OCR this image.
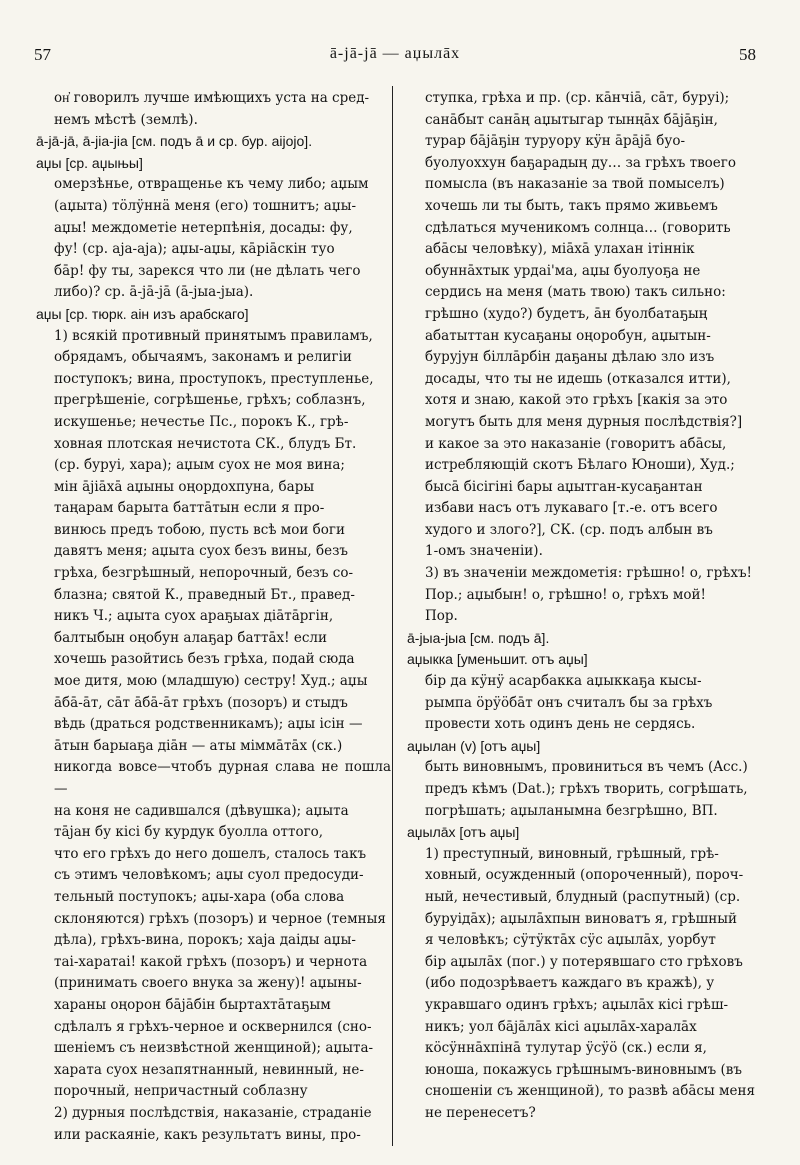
57	ā-jā-jā — аџылāх	58
он҆ говорилъ лучше имѣющихъ уста на сред-
немъ мѣстѣ (землѣ).
ā-jā-jā, ā-jiа-jiа [см. подъ ā и ср. бур. аijojo].
аџы [ср. аџыњы]
омерзѣнье, отвращенье къ чему либо; аџым
(аџыта) тӧлӱннӓ меня (его) тошнитъ; аџы-
аџы! междометіе нетерпѣнія, досады: фу,
фу! (ср. аја-аја); аџы-аџы, кāрiāскiн туо
бāр! фу ты, зарекся что ли (не дѣлать чего
либо)? ср. ā-jā-jā (ā-jыа-jыа).
аџы [ср. тюрк. аiн изъ арабскаго]
1) всякій противный принятымъ правиламъ,
обрядамъ, обычаямъ, законамъ и религіи
поступокъ; вина, проступокъ, преступленье,
прегрѣшеніе, согрѣшенье, грѣхъ; соблазнъ,
искушенье; нечестье Пс., порокъ К., грѣ-
ховная плотская нечистота СК., блудъ Бт.
(ср. буруi, хара); аџым суох не моя вина;
мiн ājiāxā аџыны оңордохпуна, бары
таңарам барыта баттāтын если я про-
винюсь предъ тобою, пусть всѣ мои боги
давятъ меня; аџыта суох безъ вины, безъ
грѣха, безгрѣшный, непорочный, безъ со-
блазна; святой К., праведный Бт., правед-
никъ Ч.; аџыта суох араҕыах дiāтāргiн,
балтыбын оңобун алаҕар баттāх! если
хочешь разойтись безъ грѣха, подай сюда
мое дитя, мою (младшую) сестру! Худ.; аџы
āбā-āт, сāт āбā-āт грѣхъ (позоръ) и стыдъ
вѣдь (драться родственникамъ); аџы iсiн —
āтын барыаҕа дiāн — аты мiммāтāх (ск.)
никогда вовсе—чтобъ дурная слава не пошла—
на коня не садившался (дѣвушка); аџыта
тāјан бу кiсi бу курдук буолла оттого,
что его грѣхъ до него дошелъ, сталось такъ
съ этимъ человѣкомъ; аџы суол предосуди-
тельный поступокъ; аџы-хара (оба слова
склоняются) грѣхъ (позоръ) и черное (темныя
дѣла), грѣхъ-вина, порокъ; хаја даiды аџы-
таi-харатаi! какой грѣхъ (позоръ) и чернота
(принимать своего внука за жену)! аџыны-
хараны оңорон бāјāбiн быртахтāтаҕым
сдѣлалъ я грѣхъ-черное и осквернился (сно-
шеніемъ съ неизвѣстной женщиной); аџыта-
харата суох незапятнанный, невинный, не-
порочный, непричастный соблазну
2) дурныя послѣдствія, наказаніе, страданіе
или раскаяніе, какъ результатъ вины, про-
ступка, грѣха и пр. (ср. кāнчiā, сāт, буруi);
санāбыт санāң аџытыгар тынңāх бāјāҕiн,
турар бāјāҕiн туруору кӱн āрāјā буо-
буолуоххун баҕарадың ду… за грѣхъ твоего
помысла (въ наказаніе за твой помыселъ)
хочешь ли ты быть, такъ прямо живьемъ
сдѣлаться мученикомъ солнца… (говорить
абāсы человѣку), мiāхā улахан iтiннiк
обуннāхтык урдаi'ма, аџы буолуоҕа не
сердись на меня (мать твою) такъ сильно:
грѣшно (худо?) будетъ, āн буолбатаҕың
абатыттан кусаҕаны оңоробун, аџытын-
бурујун бiллāрбiн даҕаны дѣлаю зло изъ
досады, что ты не идешь (отказался итти),
хотя и знаю, какой это грѣхъ [какія за это
могутъ быть для меня дурныя послѣдствія?]
и какое за это наказаніе (говоритъ абāсы,
истребляющій скотъ Бѣлаго Юноши), Худ.;
бысā бiсiгiнi бары аџытган-кусаҕантан
избави насъ отъ лукаваго [т.-е. отъ всего
худого и злого?], СК. (ср. подъ албын въ
1-омъ значеніи).
3) въ значеніи междометія: грѣшно! о, грѣхъ!
Пор.; аџыбын! о, грѣшно! о, грѣхъ мой!
Пор.
ā-jыа-jыа [см. подъ ā].
аџыкка [уменьшит. отъ аџы]
бiр да кӱнӱ асарбакка аџыккаҕа кысы-
рымпа ӧрӱӧбāт онъ считалъ бы за грѣхъ
провести хоть одинъ день не сердясь.
аџылан (v) [отъ аџы]
быть виновнымъ, провиниться въ чемъ (Acc.)
предъ кѣмъ (Dat.); грѣхъ творить, согрѣшать,
погрѣшать; аџыланымна безгрѣшно, ВП.
аџылāх [отъ аџы]
1) преступный, виновный, грѣшный, грѣ-
ховный, осужденный (опороченный), пороч-
ный, нечестивый, блудный (распутный) (ср.
буруiдāх); аџылāхпын виноватъ я, грѣшный
я человѣкъ; сӱтӱктāх сӱс аџылāх, уорбут
бiр аџылāх (пог.) у потерявшаго сто грѣховъ
(ибо подозрѣваетъ каждаго въ кражѣ), у
укравшаго одинъ грѣхъ; аџылāх кiсi грѣш-
никъ; уол бāјāлāх кiсi аџылāх-харалāх
кӧсӱннāхпiнā тулутар ӱсӱӧ (ск.) если я,
юноша, покажусь грѣшнымъ-виновнымъ (въ
сношеніи съ женщиной), то развѣ абāсы меня
не перенесетъ?
